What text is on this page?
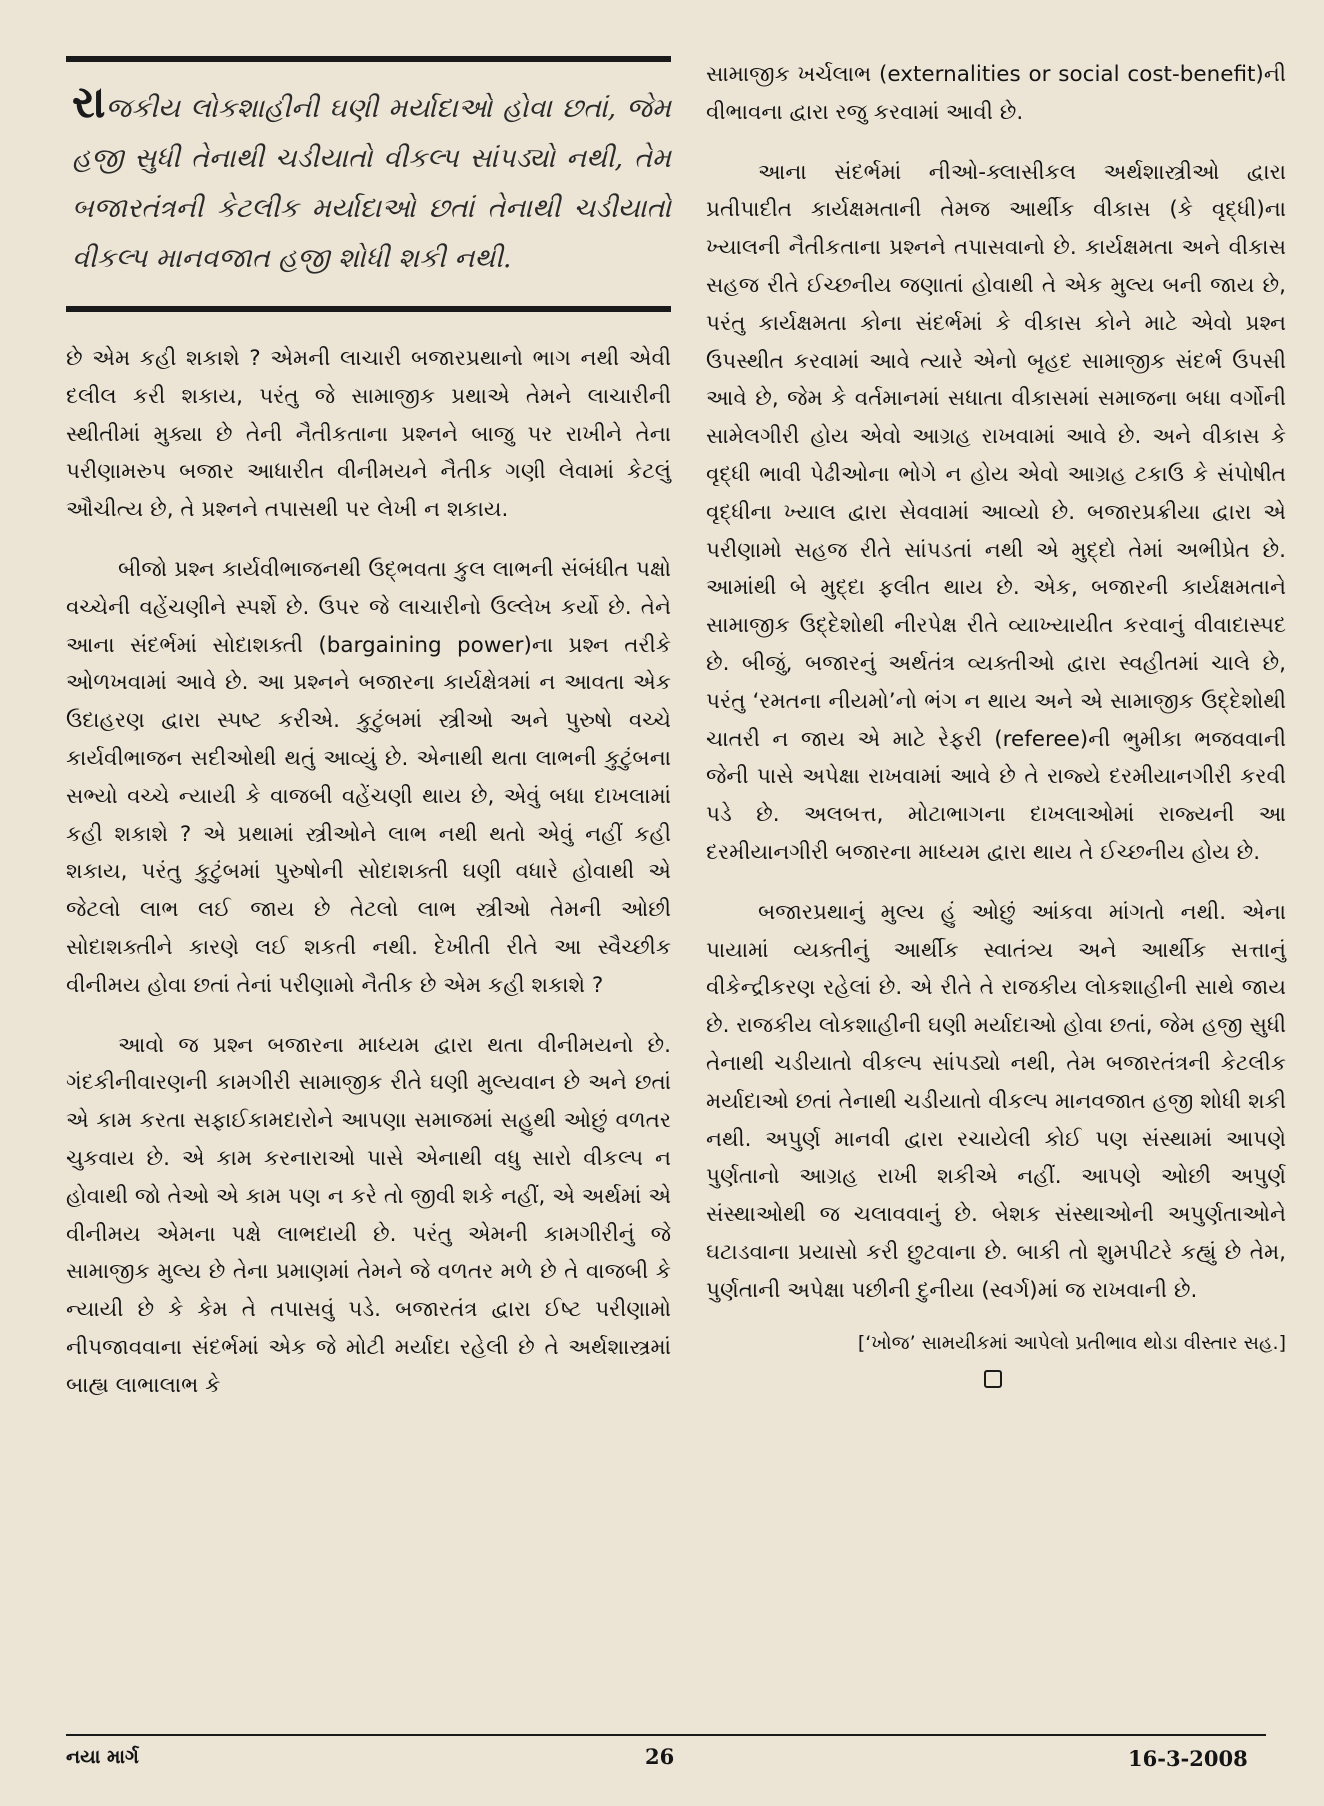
રાજકીય લોકશાહીની ઘણી મર્યાદાઓ હોવા છતાં, જેમ હજી સુધી તેનાથી ચડીયાતો વીકલ્પ સાંપડ્યો નથી, તેમ બજારતંત્રની કેટલીક મર્યાદાઓ છતાં તેનાથી ચડીયાતો વીકલ્પ માનવજાત હજી શોધી શકી નથી.

છે એમ કહી શકાશે ? એમની લાચારી બજારપ્રથાનો ભાગ નથી એવી દલીલ કરી શકાય, પરંતુ જે સામાજીક પ્રથાએ તેમને લાચારીની સ્થીતીમાં મુક્યા છે તેની નૈતીકતાના પ્રશ્નને બાજુ પર રાખીને તેના પરીણામરુપ બજાર આધારીત વીનીમયને નૈતીક ગણી લેવામાં કેટલું ઔચીત્ય છે, તે પ્રશ્નને તપાસથી પર લેખી ન શકાય.

બીજો પ્રશ્ન કાર્યવીભાજનથી ઉદ્ભવતા કુલ લાભની સંબંધીત પક્ષો વચ્ચેની વહેંચણીને સ્પર્શે છે. ઉપર જે લાચારીનો ઉલ્લેખ કર્યો છે. તેને આના સંદર્ભમાં સોદાશક્તી (bargaining power)ના પ્રશ્ન તરીકે ઓળખવામાં આવે છે. આ પ્રશ્નને બજારના કાર્યક્ષેત્રમાં ન આવતા એક ઉદાહરણ દ્વારા સ્પષ્ટ કરીએ. કુટુંબમાં સ્ત્રીઓ અને પુરુષો વચ્ચે કાર્યવીભાજન સદીઓથી થતું આવ્યું છે. એનાથી થતા લાભની કુટુંબના સભ્યો વચ્ચે ન્યાયી કે વાજબી વહેંચણી થાય છે, એવું બધા દાખલામાં કહી શકાશે ? એ પ્રથામાં સ્ત્રીઓને લાભ નથી થતો એવું નહીં કહી શકાય, પરંતુ કુટુંબમાં પુરુષોની સોદાશક્તી ઘણી વધારે હોવાથી એ જેટલો લાભ લઈ જાય છે તેટલો લાભ સ્ત્રીઓ તેમની ઓછી સોદાશક્તીને કારણે લઈ શકતી નથી. દેખીતી રીતે આ સ્વૈચ્છીક વીનીમય હોવા છતાં તેનાં પરીણામો નૈતીક છે એમ કહી શકાશે ?

આવો જ પ્રશ્ન બજારના માધ્યમ દ્વારા થતા વીનીમયનો છે. ગંદકીનીવારણની કામગીરી સામાજીક રીતે ઘણી મુલ્યવાન છે અને છતાં એ કામ કરતા સફાઈકામદારોને આપણા સમાજમાં સહુથી ઓછું વળતર ચુકવાય છે. એ કામ કરનારાઓ પાસે એનાથી વધુ સારો વીકલ્પ ન હોવાથી જો તેઓ એ કામ પણ ન કરે તો જીવી શકે નહીં, એ અર્થમાં એ વીનીમય એમના પક્ષે લાભદાયી છે. પરંતુ એમની કામગીરીનું જે સામાજીક મુલ્ય છે તેના પ્રમાણમાં તેમને જે વળતર મળે છે તે વાજબી કે ન્યાયી છે કે કેમ તે તપાસવું પડે. બજારતંત્ર દ્વારા ઈષ્ટ પરીણામો નીપજાવવાના સંદર્ભમાં એક જે મોટી મર્યાદા રહેલી છે તે અર્થશાસ્ત્રમાં બાહ્ય લાભાલાભ કે

સામાજીક ખર્ચલાભ (externalities or social cost-benefit)ની વીભાવના દ્વારા રજુ કરવામાં આવી છે.

આના સંદર્ભમાં નીઓ-ક્લાસીકલ અર્થશાસ્ત્રીઓ દ્વારા પ્રતીપાદીત કાર્યક્ષમતાની તેમજ આર્થીક વીકાસ (કે વૃદ્ધી)ના ખ્યાલની નૈતીકતાના પ્રશ્નને તપાસવાનો છે. કાર્યક્ષમતા અને વીકાસ સહજ રીતે ઈચ્છનીય જણાતાં હોવાથી તે એક મુલ્ય બની જાય છે, પરંતુ કાર્યક્ષમતા કોના સંદર્ભમાં કે વીકાસ કોને માટે એવો પ્રશ્ન ઉપસ્થીત કરવામાં આવે ત્યારે એનો બૃહદ સામાજીક સંદર્ભ ઉપસી આવે છે, જેમ કે વર્તમાનમાં સધાતા વીકાસમાં સમાજના બધા વર્ગોની સામેલગીરી હોય એવો આગ્રહ રાખવામાં આવે છે. અને વીકાસ કે વૃદ્ધી ભાવી પેઢીઓના ભોગે ન હોય એવો આગ્રહ ટકાઉ કે સંપોષીત વૃદ્ધીના ખ્યાલ દ્વારા સેવવામાં આવ્યો છે. બજારપ્રક્રીયા દ્વારા એ પરીણામો સહજ રીતે સાંપડતાં નથી એ મુદ્દો તેમાં અભીપ્રેત છે. આમાંથી બે મુદ્દા ફલીત થાય છે. એક, બજારની કાર્યક્ષમતાને સામાજીક ઉદ્દેશોથી નીરપેક્ષ રીતે વ્યાખ્યાયીત કરવાનું વીવાદાસ્પદ છે. બીજું, બજારનું અર્થતંત્ર વ્યક્તીઓ દ્વારા સ્વહીતમાં ચાલે છે, પરંતુ ‘રમતના નીયમો’નો ભંગ ન થાય અને એ સામાજીક ઉદ્દેશોથી ચાતરી ન જાય એ માટે રેફરી (referee)ની ભુમીકા ભજવવાની જેની પાસે અપેક્ષા રાખવામાં આવે છે તે રાજ્યે દરમીયાનગીરી કરવી પડે છે. અલબત્ત, મોટાભાગના દાખલાઓમાં રાજ્યની આ દરમીયાનગીરી બજારના માધ્યમ દ્વારા થાય તે ઈચ્છનીય હોય છે.

બજારપ્રથાનું મુલ્ય હું ઓછું આંકવા માંગતો નથી. એના પાયામાં વ્યક્તીનું આર્થીક સ્વાતંત્ર્ય અને આર્થીક સત્તાનું વીકેન્દ્રીકરણ રહેલાં છે. એ રીતે તે રાજકીય લોકશાહીની સાથે જાય છે. રાજકીય લોકશાહીની ઘણી મર્યાદાઓ હોવા છતાં, જેમ હજી સુધી તેનાથી ચડીયાતો વીકલ્પ સાંપડ્યો નથી, તેમ બજારતંત્રની કેટલીક મર્યાદાઓ છતાં તેનાથી ચડીયાતો વીકલ્પ માનવજાત હજી શોધી શકી નથી. અપુર્ણ માનવી દ્વારા રચાયેલી કોઈ પણ સંસ્થામાં આપણે પુર્ણતાનો આગ્રહ રાખી શકીએ નહીં. આપણે ઓછી અપુર્ણ સંસ્થાઓથી જ ચલાવવાનું છે. બેશક સંસ્થાઓની અપુર્ણતાઓને ઘટાડવાના પ્રયાસો કરી છુટવાના છે. બાકી તો શુમપીટરે કહ્યું છે તેમ, પુર્ણતાની અપેક્ષા પછીની દુનીયા (સ્વર્ગ)માં જ રાખવાની છે.

[‘ખોજ’ સામયીકમાં આપેલો પ્રતીભાવ થોડા વીસ્તાર સહ.]
નયા માર્ગ	26	16-3-2008
